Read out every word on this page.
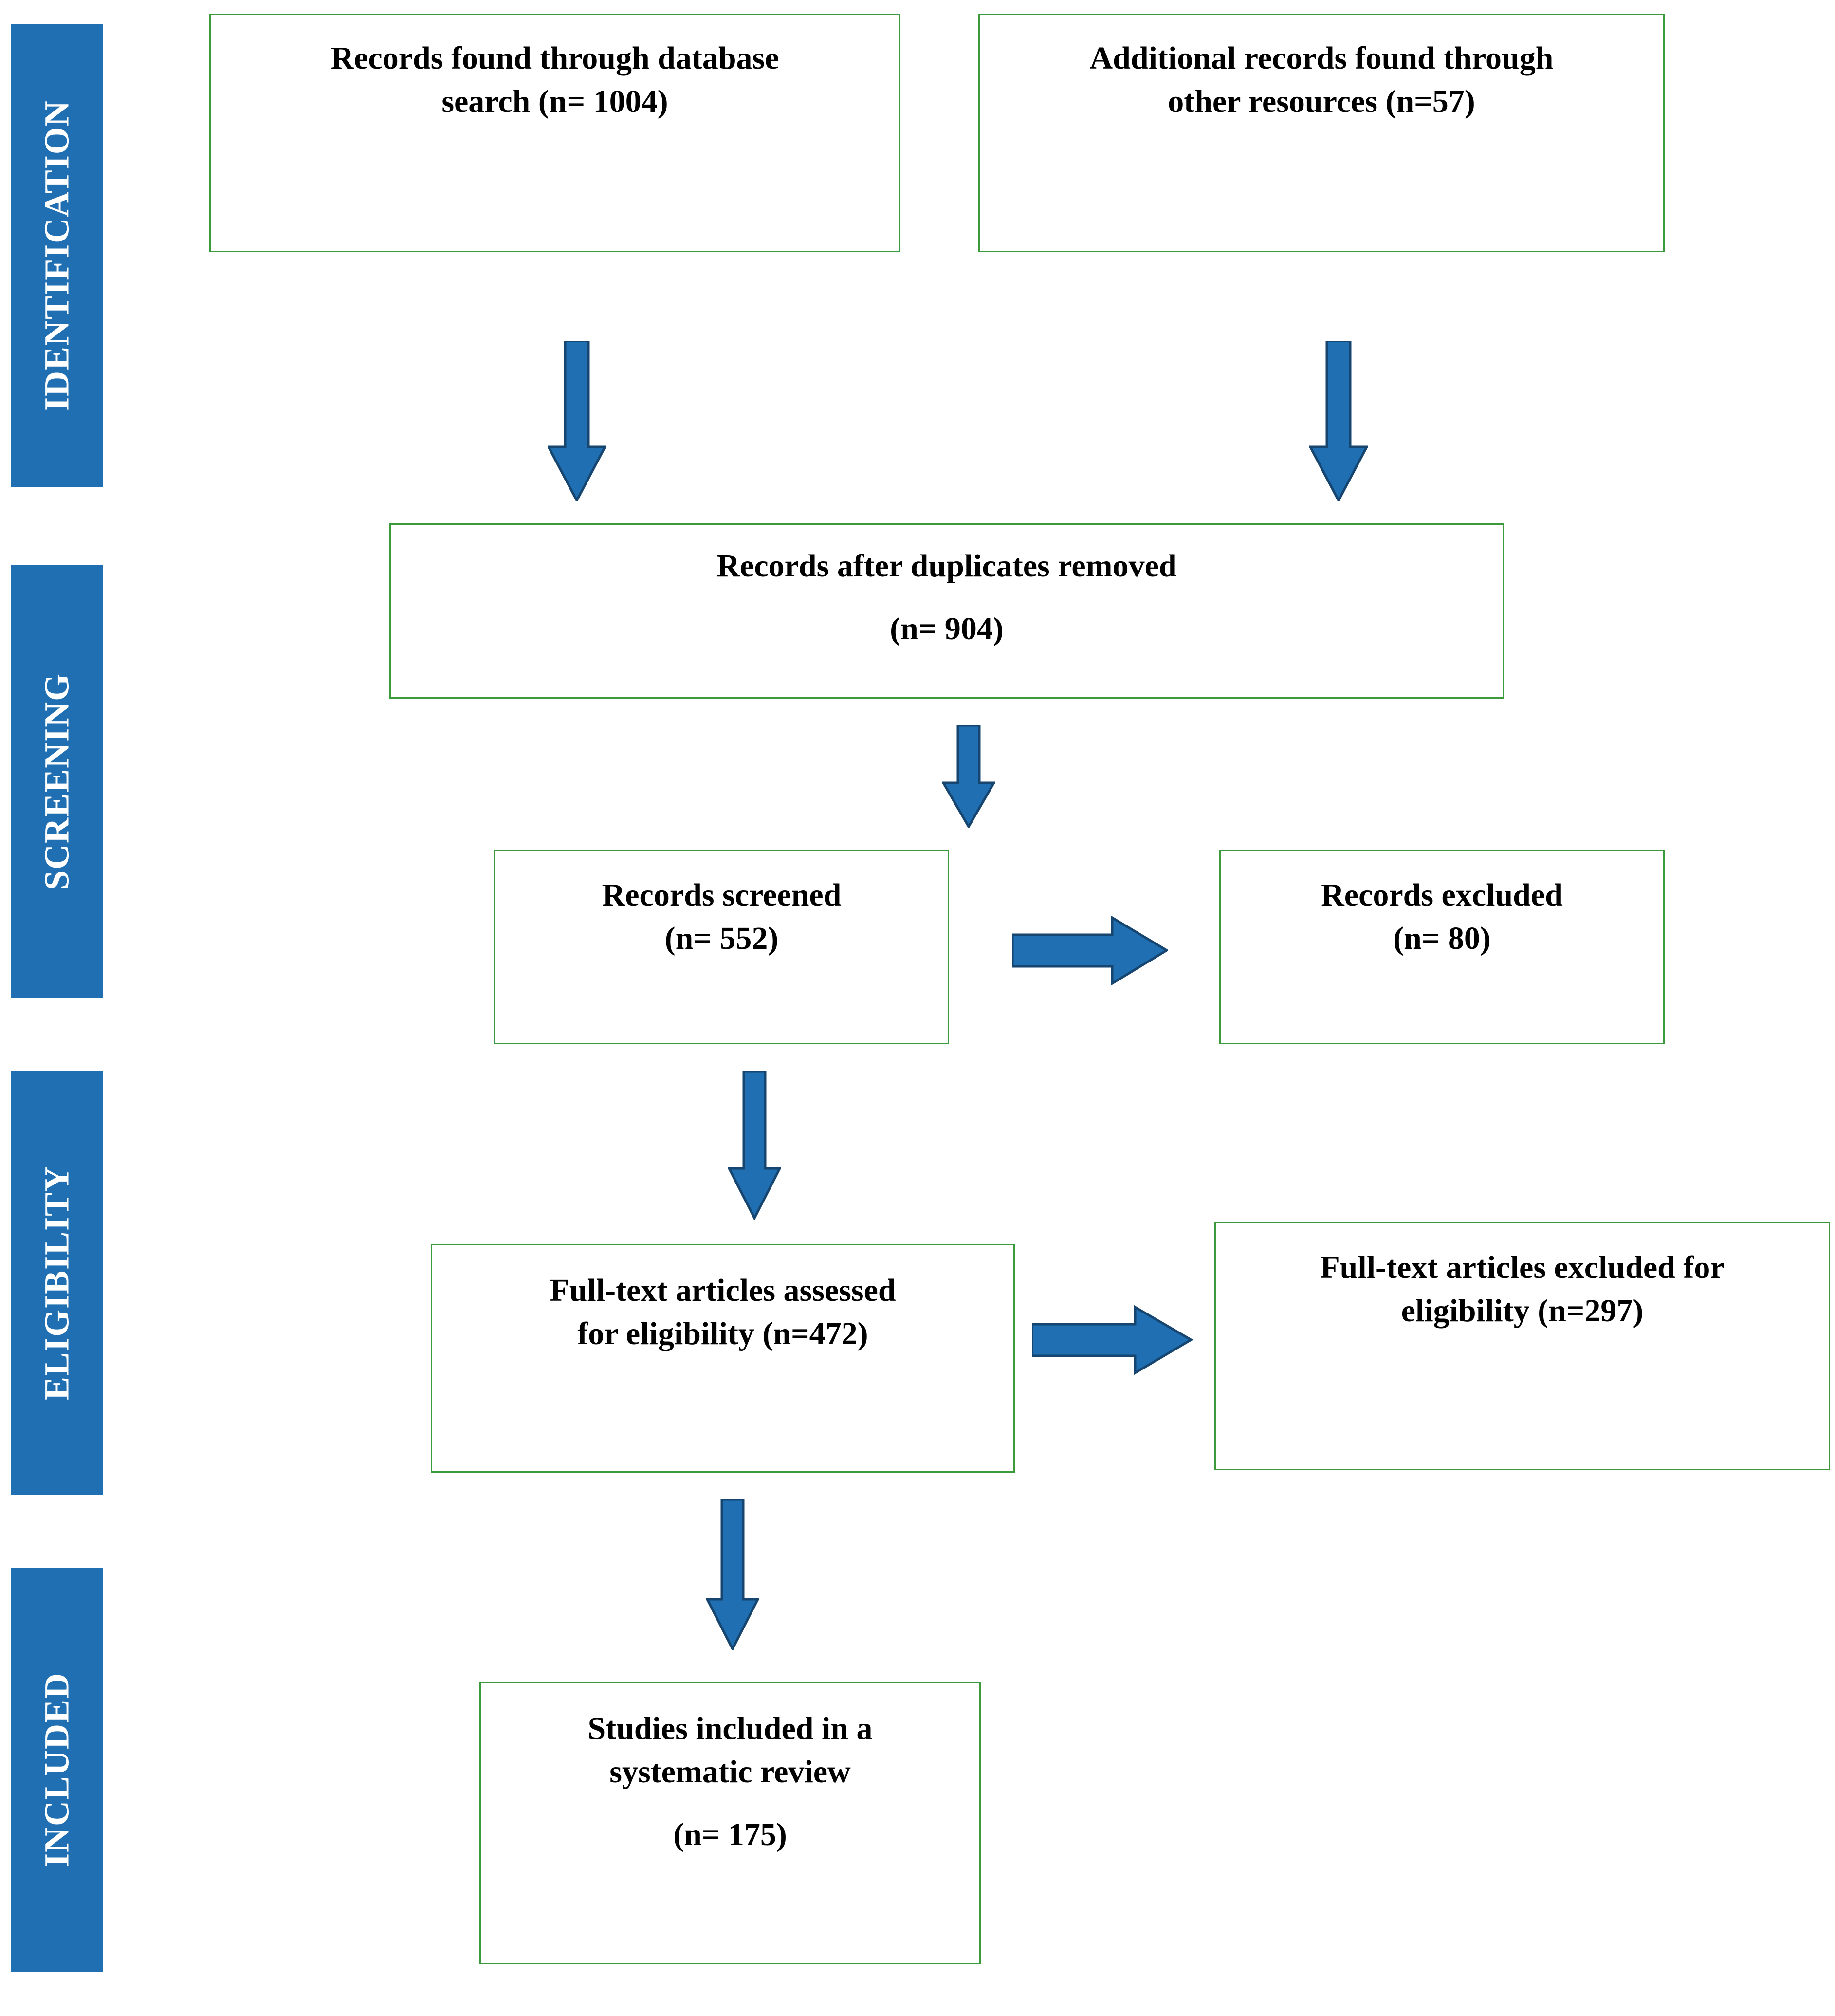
IDENTIFICATION
SCREENING
ELIGIBILITY
INCLUDED
Records found through database
search (n= 1004)
Additional records found through
other resources (n=57)
Records after duplicates removed
(n= 904)
Records screened
(n= 552)
Records excluded
(n= 80)
Full-text articles assessed
for eligibility (n=472)
Full-text articles excluded for
eligibility (n=297)
Studies included in a
systematic review
(n= 175)
